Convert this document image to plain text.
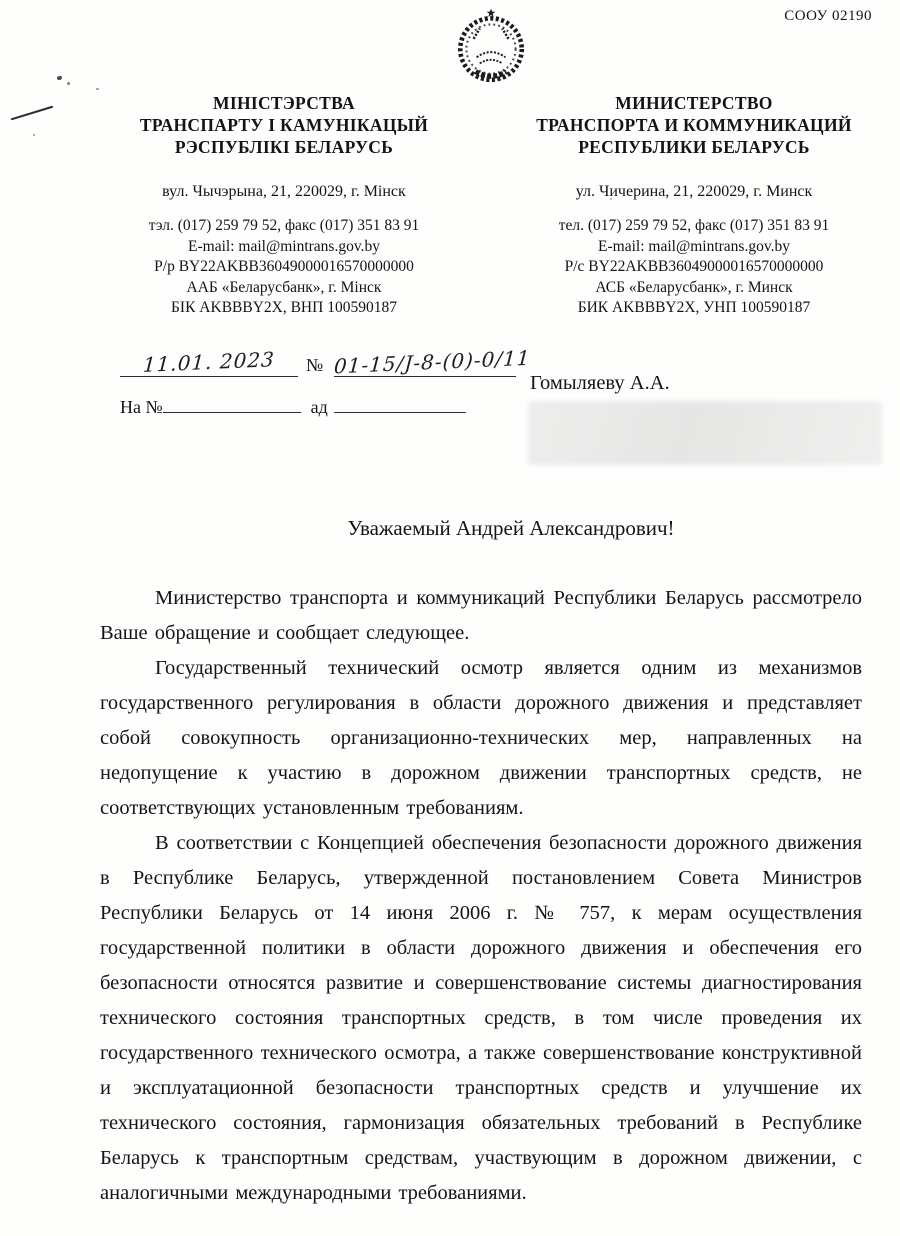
СООУ 02190
МІНІСТЭРСТВА
ТРАНСПАРТУ І КАМУНІКАЦЫЙ
РЭСПУБЛІКІ БЕЛАРУСЬ
вул. Чычэрына, 21, 220029, г. Мінск
тэл. (017) 259 79 52, факс (017) 351 83 91
E-mail: mail@mintrans.gov.by
Р/р BY22AKBB36049000016570000000
ААБ «Беларусбанк», г. Мінск
БІК AKBBBY2X, ВНП 100590187
МИНИСТЕРСТВО
ТРАНСПОРТА И КОММУНИКАЦИЙ
РЕСПУБЛИКИ БЕЛАРУСЬ
ул. Чичерина, 21, 220029, г. Минск
тел. (017) 259 79 52, факс (017) 351 83 91
E-mail: mail@mintrans.gov.by
Р/с BY22AKBB36049000016570000000
АСБ «Беларусбанк», г. Минск
БИК AKBBBY2X, УНП 100590187
11.01. 2023 № 01-15/Ј-8-(0)-0/11
На №	ад
Гомыляеву А.А.
Уважаемый Андрей Александрович!

Министерство транспорта и коммуникаций Республики Беларусь рассмотрело Ваше обращение и сообщает следующее.

Государственный технический осмотр является одним из механизмов государственного регулирования в области дорожного движения и представляет собой совокупность организационно-технических мер, направленных на недопущение к участию в дорожном движении транспортных средств, не соответствующих установленным требованиям.

В соответствии с Концепцией обеспечения безопасности дорожного движения в Республике Беларусь, утвержденной постановлением Совета Министров Республики Беларусь от 14 июня 2006 г. № 757, к мерам осуществления государственной политики в области дорожного движения и обеспечения его безопасности относятся развитие и совершенствование системы диагностирования технического состояния транспортных средств, в том числе проведения их государственного технического осмотра, а также совершенствование конструктивной и эксплуатационной безопасности транспортных средств и улучшение их технического состояния, гармонизация обязательных требований в Республике Беларусь к транспортным средствам, участвующим в дорожном движении, с аналогичными международными требованиями.
